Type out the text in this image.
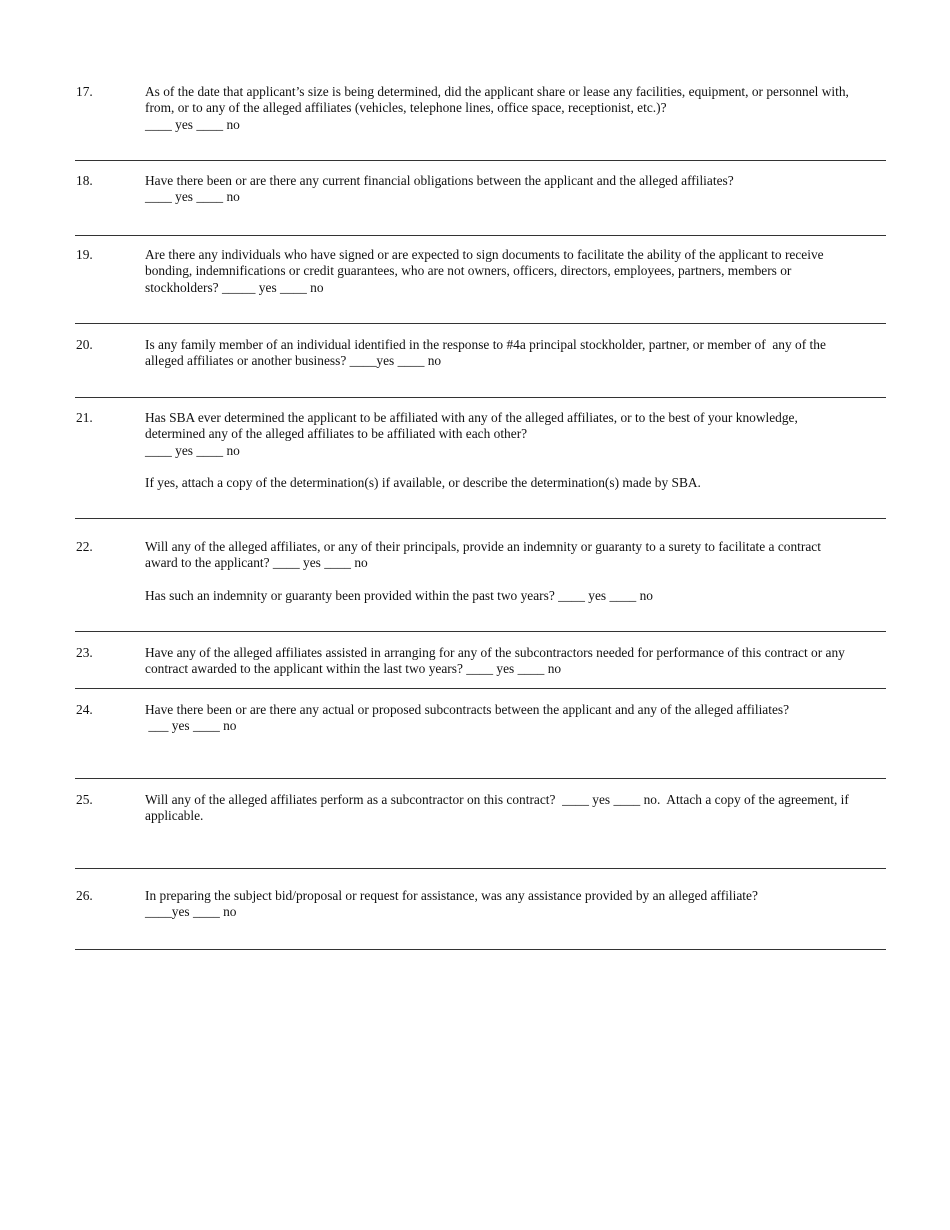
17.	As of the date that applicant’s size is being determined, did the applicant share or lease any facilities, equipment, or personnel with,

from, or to any of the alleged affiliates (vehicles, telephone lines, office space, receptionist, etc.)?

____ yes ____ no

18.	Have there been or are there any current financial obligations between the applicant and the alleged affiliates?

____ yes ____ no

19.	Are there any individuals who have signed or are expected to sign documents to facilitate the ability of the applicant to receive

bonding, indemnifications or credit guarantees, who are not owners, officers, directors, employees, partners, members or

stockholders? _____ yes ____ no

20.	Is any family member of an individual identified in the response to #4a principal stockholder, partner, or member of  any of the

alleged affiliates or another business? ____yes ____ no

21.	Has SBA ever determined the applicant to be affiliated with any of the alleged affiliates, or to the best of your knowledge,

determined any of the alleged affiliates to be affiliated with each other?

____ yes ____ no

If yes, attach a copy of the determination(s) if available, or describe the determination(s) made by SBA.

22.	Will any of the alleged affiliates, or any of their principals, provide an indemnity or guaranty to a surety to facilitate a contract

award to the applicant? ____ yes ____ no

Has such an indemnity or guaranty been provided within the past two years? ____ yes ____ no

23.	Have any of the alleged affiliates assisted in arranging for any of the subcontractors needed for performance of this contract or any

contract awarded to the applicant within the last two years? ____ yes ____ no

24.	Have there been or are there any actual or proposed subcontracts between the applicant and any of the alleged affiliates?

___ yes ____ no

25.	Will any of the alleged affiliates perform as a subcontractor on this contract?  ____ yes ____ no.  Attach a copy of the agreement, if

applicable.

26.	In preparing the subject bid/proposal or request for assistance, was any assistance provided by an alleged affiliate?

____yes ____ no
